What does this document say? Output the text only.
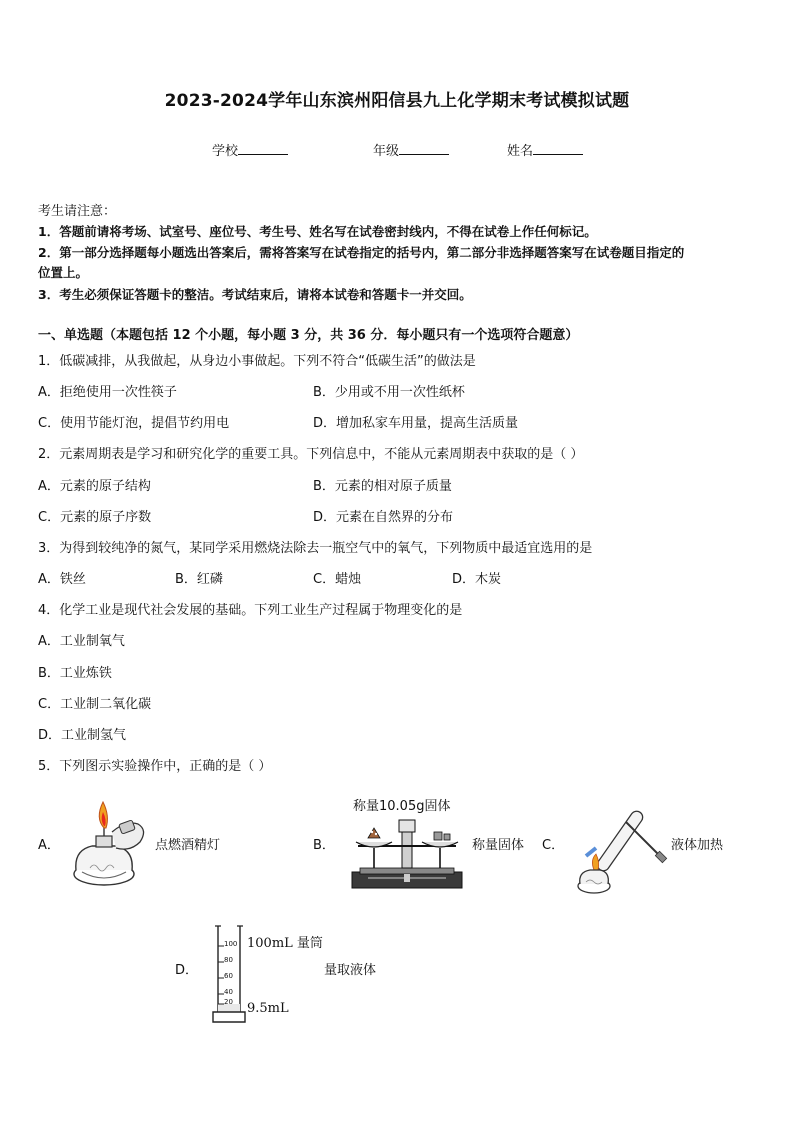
2023-2024学年山东滨州阳信县九上化学期末考试模拟试题
学校	年级	姓名
考生请注意：
1．答题前请将考场、试室号、座位号、考生号、姓名写在试卷密封线内，不得在试卷上作任何标记。
2．第一部分选择题每小题选出答案后，需将答案写在试卷指定的括号内，第二部分非选择题答案写在试卷题目指定的
位置上。
3．考生必须保证答题卡的整洁。考试结束后，请将本试卷和答题卡一并交回。
一、单选题（本题包括 12 个小题，每小题 3 分，共 36 分．每小题只有一个选项符合题意）
1．低碳减排，从我做起，从身边小事做起。下列不符合“低碳生活”的做法是
A．拒绝使用一次性筷子	B．少用或不用一次性纸杯
C．使用节能灯泡，提倡节约用电	D．增加私家车用量，提高生活质量
2．元素周期表是学习和研究化学的重要工具。下列信息中，不能从元素周期表中获取的是（ ）
A．元素的原子结构	B．元素的相对原子质量
C．元素的原子序数	D．元素在自然界的分布
3．为得到较纯净的氮气，某同学采用燃烧法除去一瓶空气中的氧气，下列物质中最适宜选用的是
A．铁丝	B．红磷	C．蜡烛	D．木炭
4．化学工业是现代社会发展的基础。下列工业生产过程属于物理变化的是
A．工业制氧气
B．工业炼铁
C．工业制二氧化碳
D．工业制氢气
5．下列图示实验操作中，正确的是（ ）
A．	点燃酒精灯	B．
称量10.05g固体
称量固体 C．	液体加热
D．
100
80
60
40
20
100mL 量筒
9.5mL
量取液体
